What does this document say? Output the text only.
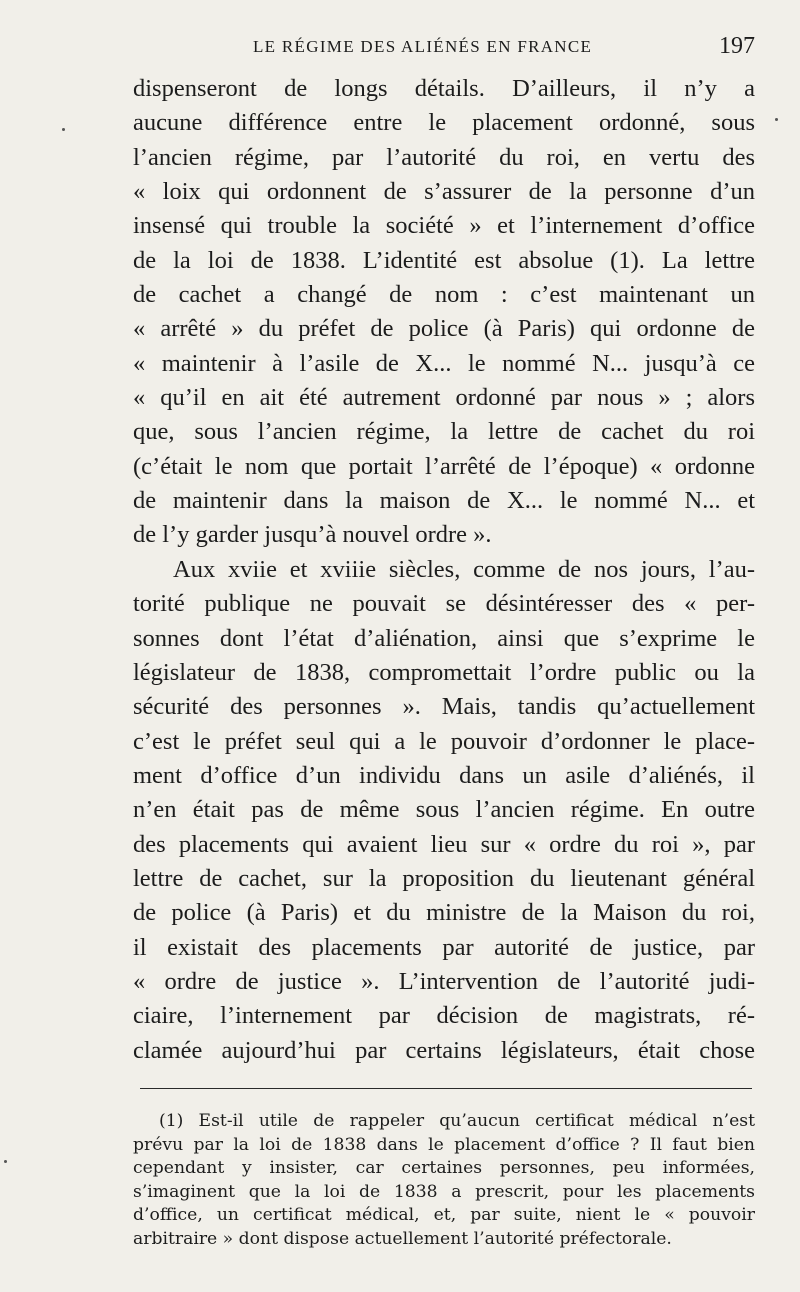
LE RÉGIME DES ALIÉNÉS EN FRANCE	197
dispenseront de longs détails. D’ailleurs, il n’y a
aucune différence entre le placement ordonné, sous
l’ancien régime, par l’autorité du roi, en vertu des
« loix qui ordonnent de s’assurer de la personne d’un
insensé qui trouble la société » et l’internement d’office
de la loi de 1838. L’identité est absolue (1). La lettre
de cachet a changé de nom : c’est maintenant un
« arrêté » du préfet de police (à Paris) qui ordonne de
« maintenir à l’asile de X... le nommé N... jusqu’à ce
« qu’il en ait été autrement ordonné par nous » ; alors
que, sous l’ancien régime, la lettre de cachet du roi
(c’était le nom que portait l’arrêté de l’époque) « ordonne
de maintenir dans la maison de X... le nommé N... et
de l’y garder jusqu’à nouvel ordre ».
Aux xviie et xviiie siècles, comme de nos jours, l’au-
torité publique ne pouvait se désintéresser des « per-
sonnes dont l’état d’aliénation, ainsi que s’exprime le
législateur de 1838, compromettait l’ordre public ou la
sécurité des personnes ». Mais, tandis qu’actuellement
c’est le préfet seul qui a le pouvoir d’ordonner le place-
ment d’office d’un individu dans un asile d’aliénés, il
n’en était pas de même sous l’ancien régime. En outre
des placements qui avaient lieu sur « ordre du roi », par
lettre de cachet, sur la proposition du lieutenant général
de police (à Paris) et du ministre de la Maison du roi,
il existait des placements par autorité de justice, par
« ordre de justice ». L’intervention de l’autorité judi-
ciaire, l’internement par décision de magistrats, ré-
clamée aujourd’hui par certains législateurs, était chose
(1) Est-il utile de rappeler qu’aucun certificat médical n’est
prévu par la loi de 1838 dans le placement d’office ? Il faut bien
cependant y insister, car certaines personnes, peu informées,
s’imaginent que la loi de 1838 a prescrit, pour les placements
d’office, un certificat médical, et, par suite, nient le « pouvoir
arbitraire » dont dispose actuellement l’autorité préfectorale.
